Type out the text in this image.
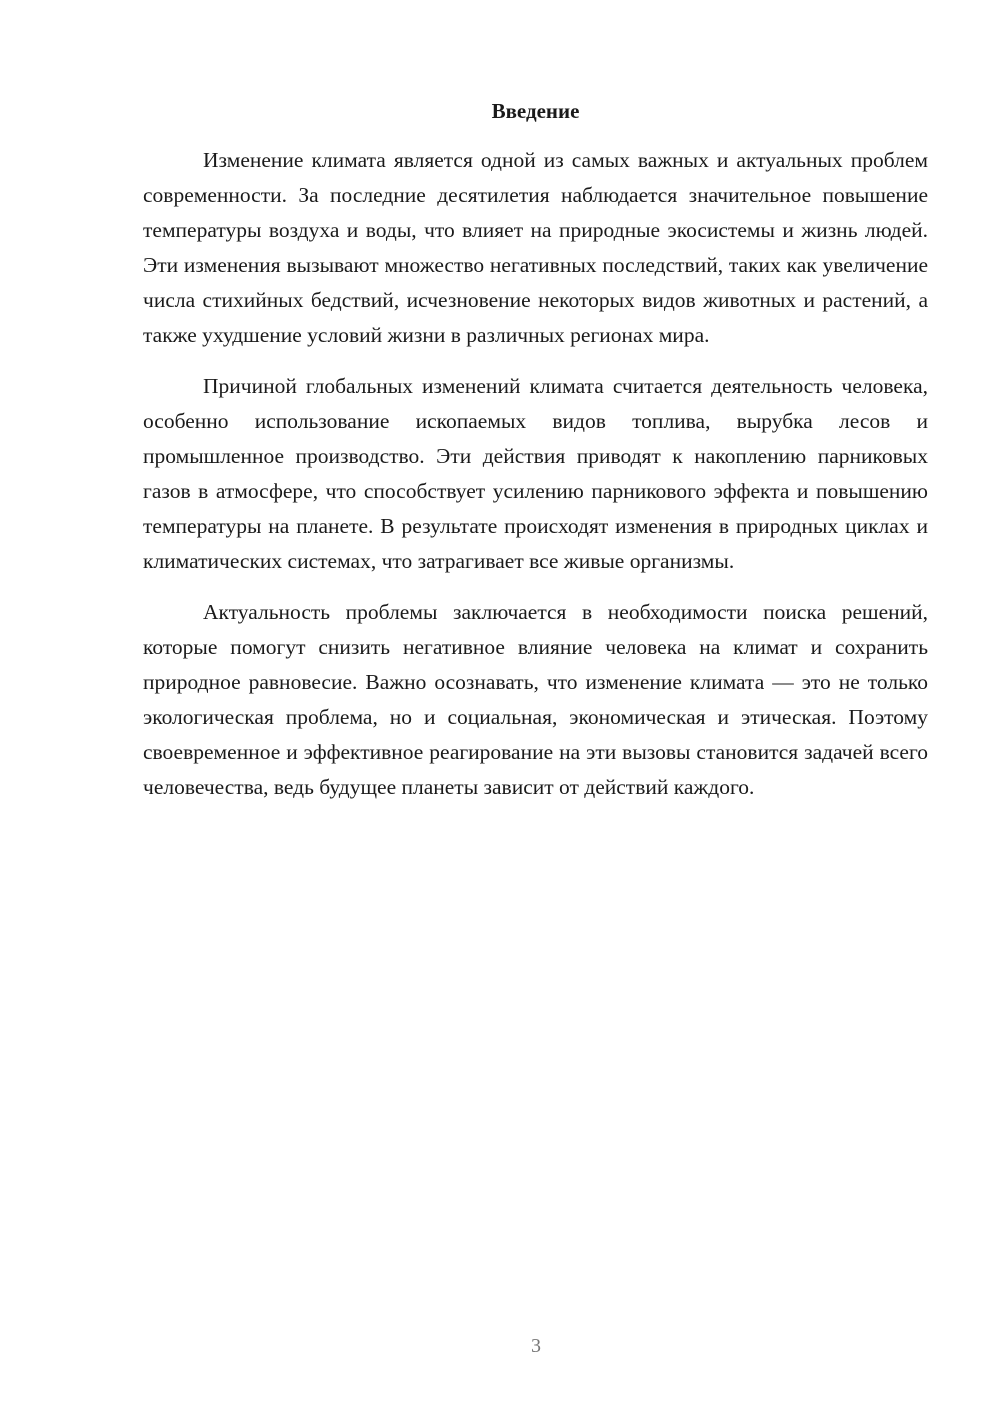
Введение

Изменение климата является одной из самых важных и актуальных проблем современности. За последние десятилетия наблюдается значительное повышение температуры воздуха и воды, что влияет на природные экосистемы и жизнь людей. Эти изменения вызывают множество негативных последствий, таких как увеличение числа стихийных бедствий, исчезновение некоторых видов животных и растений, а также ухудшение условий жизни в различных регионах мира.

Причиной глобальных изменений климата считается деятельность человека, особенно использование ископаемых видов топлива, вырубка лесов и промышленное производство. Эти действия приводят к накоплению парниковых газов в атмосфере, что способствует усилению парникового эффекта и повышению температуры на планете. В результате происходят изменения в природных циклах и климатических системах, что затрагивает все живые организмы.

Актуальность проблемы заключается в необходимости поиска решений, которые помогут снизить негативное влияние человека на климат и сохранить природное равновесие. Важно осознавать, что изменение климата — это не только экологическая проблема, но и социальная, экономическая и этическая. Поэтому своевременное и эффективное реагирование на эти вызовы становится задачей всего человечества, ведь будущее планеты зависит от действий каждого.

3
